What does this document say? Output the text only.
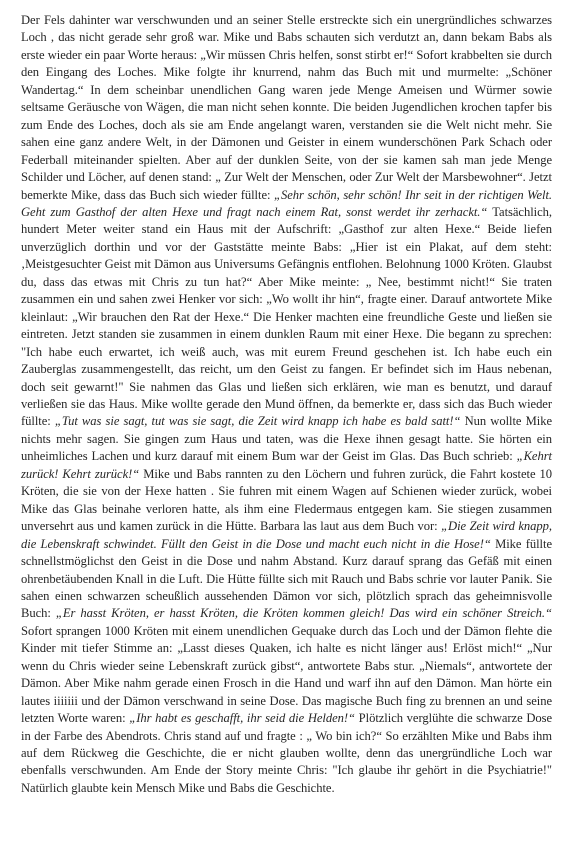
Der Fels dahinter war verschwunden und an seiner Stelle erstreckte sich ein unergründliches schwarzes Loch , das nicht gerade sehr groß war. Mike und Babs schauten sich verdutzt an, dann bekam Babs als erste wieder ein paar Worte heraus: „Wir müssen Chris helfen, sonst stirbt er!“ Sofort krabbelten sie durch den Eingang des Loches. Mike folgte ihr knurrend, nahm das Buch mit und murmelte: „Schöner Wandertag.“ In dem scheinbar unendlichen Gang waren jede Menge Ameisen und Würmer sowie seltsame Geräusche von Wägen, die man nicht sehen konnte. Die beiden Jugendlichen krochen tapfer bis zum Ende des Loches, doch als sie am Ende angelangt waren, verstanden sie die Welt nicht mehr. Sie sahen eine ganz andere Welt, in der Dämonen und Geister in einem wunderschönen Park Schach oder Federball miteinander spielten. Aber auf der dunklen Seite, von der sie kamen sah man jede Menge Schilder und Löcher, auf denen stand: „ Zur Welt der Menschen, oder Zur Welt der Marsbewohner“. Jetzt bemerkte Mike, dass das Buch sich wieder füllte: „Sehr schön, sehr schön! Ihr seit in der richtigen Welt. Geht zum Gasthof der alten Hexe und fragt nach einem Rat, sonst werdet ihr zerhackt.“ Tatsächlich, hundert Meter weiter stand ein Haus mit der Aufschrift: „Gasthof zur alten Hexe.“ Beide liefen unverzüglich dorthin und vor der Gaststätte meinte Babs: „Hier ist ein Plakat, auf dem steht: ‚Meistgesuchter Geist mit Dämon aus Universums Gefängnis entflohen. Belohnung 1000 Kröten. Glaubst du, dass das etwas mit Chris zu tun hat?“ Aber Mike meinte: „ Nee, bestimmt nicht!“ Sie traten zusammen ein und sahen zwei Henker vor sich: „Wo wollt ihr hin“, fragte einer. Darauf antwortete Mike kleinlaut: „Wir brauchen den Rat der Hexe.“ Die Henker machten eine freundliche Geste und ließen sie eintreten. Jetzt standen sie zusammen in einem dunklen Raum mit einer Hexe. Die begann zu sprechen: "Ich habe euch erwartet, ich weiß auch, was mit eurem Freund geschehen ist. Ich habe euch ein Zauberglas zusammengestellt, das reicht, um den Geist zu fangen. Er befindet sich im Haus nebenan, doch seit gewarnt!" Sie nahmen das Glas und ließen sich erklären, wie man es benutzt, und darauf verließen sie das Haus. Mike wollte gerade den Mund öffnen, da bemerkte er, dass sich das Buch wieder füllte: „Tut was sie sagt, tut was sie sagt, die Zeit wird knapp ich habe es bald satt!“ Nun wollte Mike nichts mehr sagen. Sie gingen zum Haus und taten, was die Hexe ihnen gesagt hatte. Sie hörten ein unheimliches Lachen und kurz darauf mit einem Bum war der Geist im Glas. Das Buch schrieb: „Kehrt zurück! Kehrt zurück!“ Mike und Babs rannten zu den Löchern und fuhren zurück, die Fahrt kostete 10 Kröten, die sie von der Hexe hatten . Sie fuhren mit einem Wagen auf Schienen wieder zurück, wobei Mike das Glas beinahe verloren hatte, als ihm eine Fledermaus entgegen kam. Sie stiegen zusammen unversehrt aus und kamen zurück in die Hütte. Barbara las laut aus dem Buch vor: „Die Zeit wird knapp, die Lebenskraft schwindet. Füllt den Geist in die Dose und macht euch nicht in die Hose!“ Mike füllte schnellstmöglichst den Geist in die Dose und nahm Abstand. Kurz darauf sprang das Gefäß mit einen ohrenbetäubenden Knall in die Luft. Die Hütte füllte sich mit Rauch und Babs schrie vor lauter Panik. Sie sahen einen schwarzen scheußlich aussehenden Dämon vor sich, plötzlich sprach das geheimnisvolle Buch: „Er hasst Kröten, er hasst Kröten, die Kröten kommen gleich! Das wird ein schöner Streich.“ Sofort sprangen 1000 Kröten mit einem unendlichen Gequake durch das Loch und der Dämon flehte die Kinder mit tiefer Stimme an: „Lasst dieses Quaken, ich halte es nicht länger aus! Erlöst mich!“ „Nur wenn du Chris wieder seine Lebenskraft zurück gibst“, antwortete Babs stur. „Niemals“, antwortete der Dämon. Aber Mike nahm gerade einen Frosch in die Hand und warf ihn auf den Dämon. Man hörte ein lautes iiiiiii und der Dämon verschwand in seine Dose. Das magische Buch fing zu brennen an und seine letzten Worte waren: „Ihr habt es geschafft, ihr seid die Helden!“ Plötzlich verglühte die schwarze Dose in der Farbe des Abendrots. Chris stand auf und fragte : „ Wo bin ich?“ So erzählten Mike und Babs ihm auf dem Rückweg die Geschichte, die er nicht glauben wollte, denn das unergründliche Loch war ebenfalls verschwunden. Am Ende der Story meinte Chris: "Ich glaube ihr gehört in die Psychiatrie!" Natürlich glaubte kein Mensch Mike und Babs die Geschichte.
